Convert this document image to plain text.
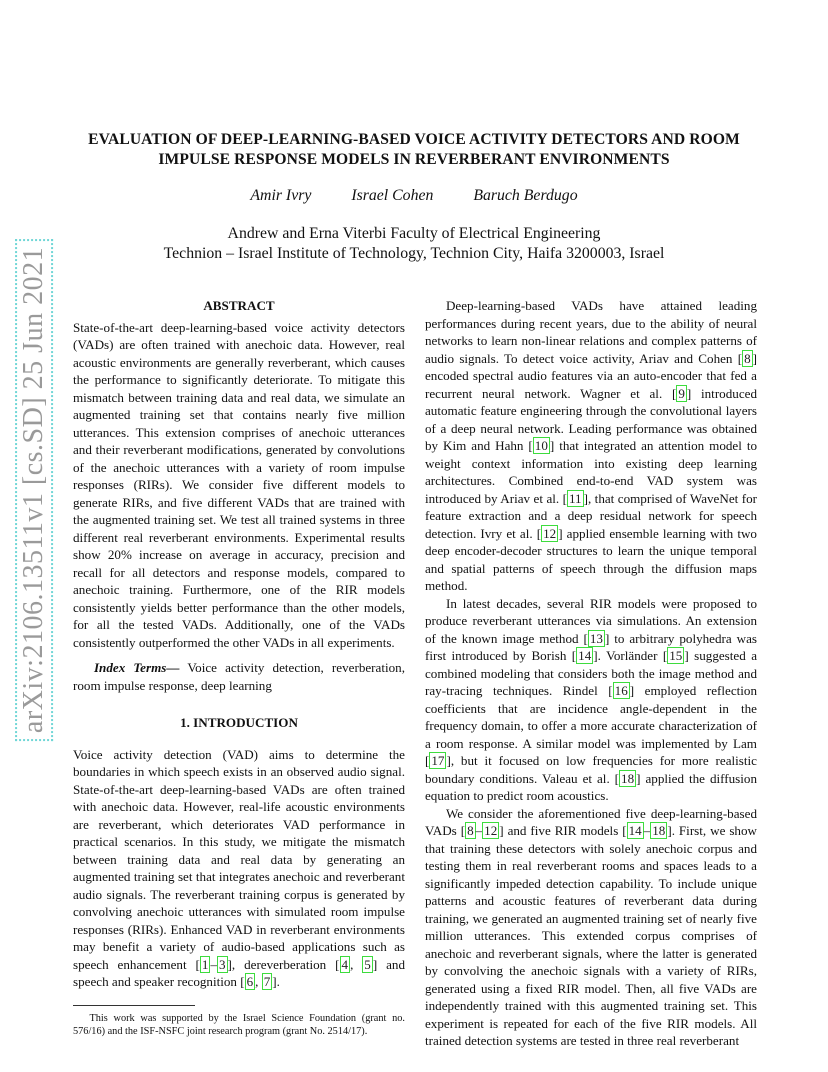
arXiv:2106.13511v1 [cs.SD] 25 Jun 2021
EVALUATION OF DEEP-LEARNING-BASED VOICE ACTIVITY DETECTORS AND ROOM
IMPULSE RESPONSE MODELS IN REVERBERANT ENVIRONMENTS
Amir Ivry	Israel Cohen	Baruch Berdugo
Andrew and Erna Viterbi Faculty of Electrical Engineering
Technion – Israel Institute of Technology, Technion City, Haifa 3200003, Israel
ABSTRACT

State-of-the-art deep-learning-based voice activity detectors (VADs) are often trained with anechoic data. However, real acoustic environments are generally reverberant, which causes the performance to significantly deteriorate. To mitigate this mismatch between training data and real data, we simulate an augmented training set that contains nearly five million utterances. This extension comprises of anechoic utterances and their reverberant modifications, generated by convolutions of the anechoic utterances with a variety of room impulse responses (RIRs). We consider five different models to generate RIRs, and five different VADs that are trained with the augmented training set. We test all trained systems in three different real reverberant environments. Experimental results show 20% increase on average in accuracy, precision and recall for all detectors and response models, compared to anechoic training. Furthermore, one of the RIR models consistently yields better performance than the other models, for all the tested VADs. Additionally, one of the VADs consistently outperformed the other VADs in all experiments.

Index Terms— Voice activity detection, reverberation, room impulse response, deep learning

1. INTRODUCTION

Voice activity detection (VAD) aims to determine the boundaries in which speech exists in an observed audio signal. State-of-the-art deep-learning-based VADs are often trained with anechoic data. However, real-life acoustic environments are reverberant, which deteriorates VAD performance in practical scenarios. In this study, we mitigate the mismatch between training data and real data by generating an augmented training set that integrates anechoic and reverberant audio signals. The reverberant training corpus is generated by convolving anechoic utterances with simulated room impulse responses (RIRs). Enhanced VAD in reverberant environments may benefit a variety of audio-based applications such as speech enhancement [ 1 – 3 ], dereverberation [ 4 , 5 ] and speech and speaker recognition [ 6 , 7 ].

This work was supported by the Israel Science Foundation (grant no. 576/16) and the ISF-NSFC joint research program (grant No. 2514/17).

Deep-learning-based VADs have attained leading performances during recent years, due to the ability of neural networks to learn non-linear relations and complex patterns of audio signals. To detect voice activity, Ariav and Cohen [ 8 ] encoded spectral audio features via an auto-encoder that fed a recurrent neural network. Wagner et al. [ 9 ] introduced automatic feature engineering through the convolutional layers of a deep neural network. Leading performance was obtained by Kim and Hahn [ 10 ] that integrated an attention model to weight context information into existing deep learning architectures. Combined end-to-end VAD system was introduced by Ariav et al. [ 11 ], that comprised of WaveNet for feature extraction and a deep residual network for speech detection. Ivry et al. [ 12 ] applied ensemble learning with two deep encoder-decoder structures to learn the unique temporal and spatial patterns of speech through the diffusion maps method.

In latest decades, several RIR models were proposed to produce reverberant utterances via simulations. An extension of the known image method [ 13 ] to arbitrary polyhedra was first introduced by Borish [ 14 ]. Vorländer [ 15 ] suggested a combined modeling that considers both the image method and ray-tracing techniques. Rindel [ 16 ] employed reflection coefficients that are incidence angle-dependent in the frequency domain, to offer a more accurate characterization of a room response. A similar model was implemented by Lam [ 17 ], but it focused on low frequencies for more realistic boundary conditions. Valeau et al. [ 18 ] applied the diffusion equation to predict room acoustics.

We consider the aforementioned five deep-learning-based VADs [ 8 – 12 ] and five RIR models [ 14 – 18 ]. First, we show that training these detectors with solely anechoic corpus and testing them in real reverberant rooms and spaces leads to a significantly impeded detection capability. To include unique patterns and acoustic features of reverberant data during training, we generated an augmented training set of nearly five million utterances. This extended corpus comprises of anechoic and reverberant signals, where the latter is generated by convolving the anechoic signals with a variety of RIRs, generated using a fixed RIR model. Then, all five VADs are independently trained with this augmented training set. This experiment is repeated for each of the five RIR models. All trained detection systems are tested in three real reverberant
